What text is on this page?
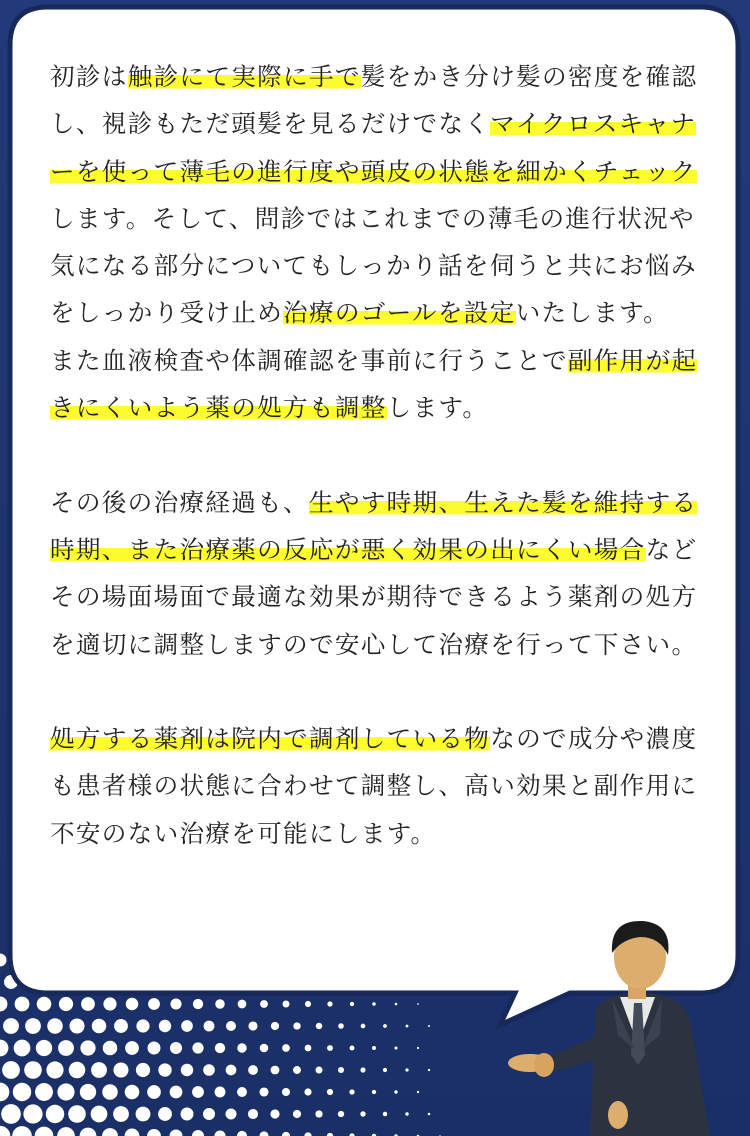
初診は触診にて実際に手で髪をかき分け髪の密度を確認し、視診もただ頭髪を見るだけでなくマイクロスキャナーを使って薄毛の進行度や頭皮の状態を細かくチェックします。そして、問診ではこれまでの薄毛の進行状況や気になる部分についてもしっかり話を伺うと共にお悩みをしっかり受け止め治療のゴールを設定いたします。

また血液検査や体調確認を事前に行うことで副作用が起きにくいよう薬の処方も調整します。

その後の治療経過も、生やす時期、生えた髪を維持する時期、また治療薬の反応が悪く効果の出にくい場合などその場面場面で最適な効果が期待できるよう薬剤の処方を適切に調整しますので安心して治療を行って下さい。

処方する薬剤は院内で調剤している物なので成分や濃度も患者様の状態に合わせて調整し、高い効果と副作用に不安のない治療を可能にします。
